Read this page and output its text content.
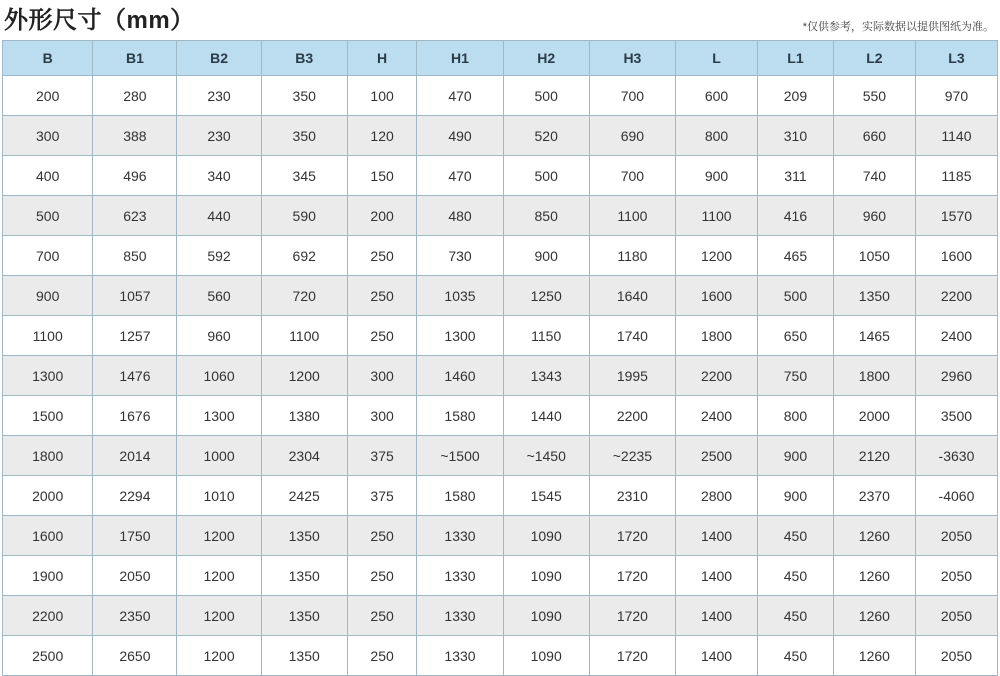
外形尺寸（mm）	*仅供参考，实际数据以提供图纸为准。
B	B1	B2	B3	H	H1	H2	H3	L	L1	L2	L3
200	280	230	350	100	470	500	700	600	209	550	970
300	388	230	350	120	490	520	690	800	310	660	1140
400	496	340	345	150	470	500	700	900	311	740	1185
500	623	440	590	200	480	850	1100	1100	416	960	1570
700	850	592	692	250	730	900	1180	1200	465	1050	1600
900	1057	560	720	250	1035	1250	1640	1600	500	1350	2200
1100	1257	960	1100	250	1300	1150	1740	1800	650	1465	2400
1300	1476	1060	1200	300	1460	1343	1995	2200	750	1800	2960
1500	1676	1300	1380	300	1580	1440	2200	2400	800	2000	3500
1800	2014	1000	2304	375	~1500	~1450	~2235	2500	900	2120	-3630
2000	2294	1010	2425	375	1580	1545	2310	2800	900	2370	-4060
1600	1750	1200	1350	250	1330	1090	1720	1400	450	1260	2050
1900	2050	1200	1350	250	1330	1090	1720	1400	450	1260	2050
2200	2350	1200	1350	250	1330	1090	1720	1400	450	1260	2050
2500	2650	1200	1350	250	1330	1090	1720	1400	450	1260	2050
